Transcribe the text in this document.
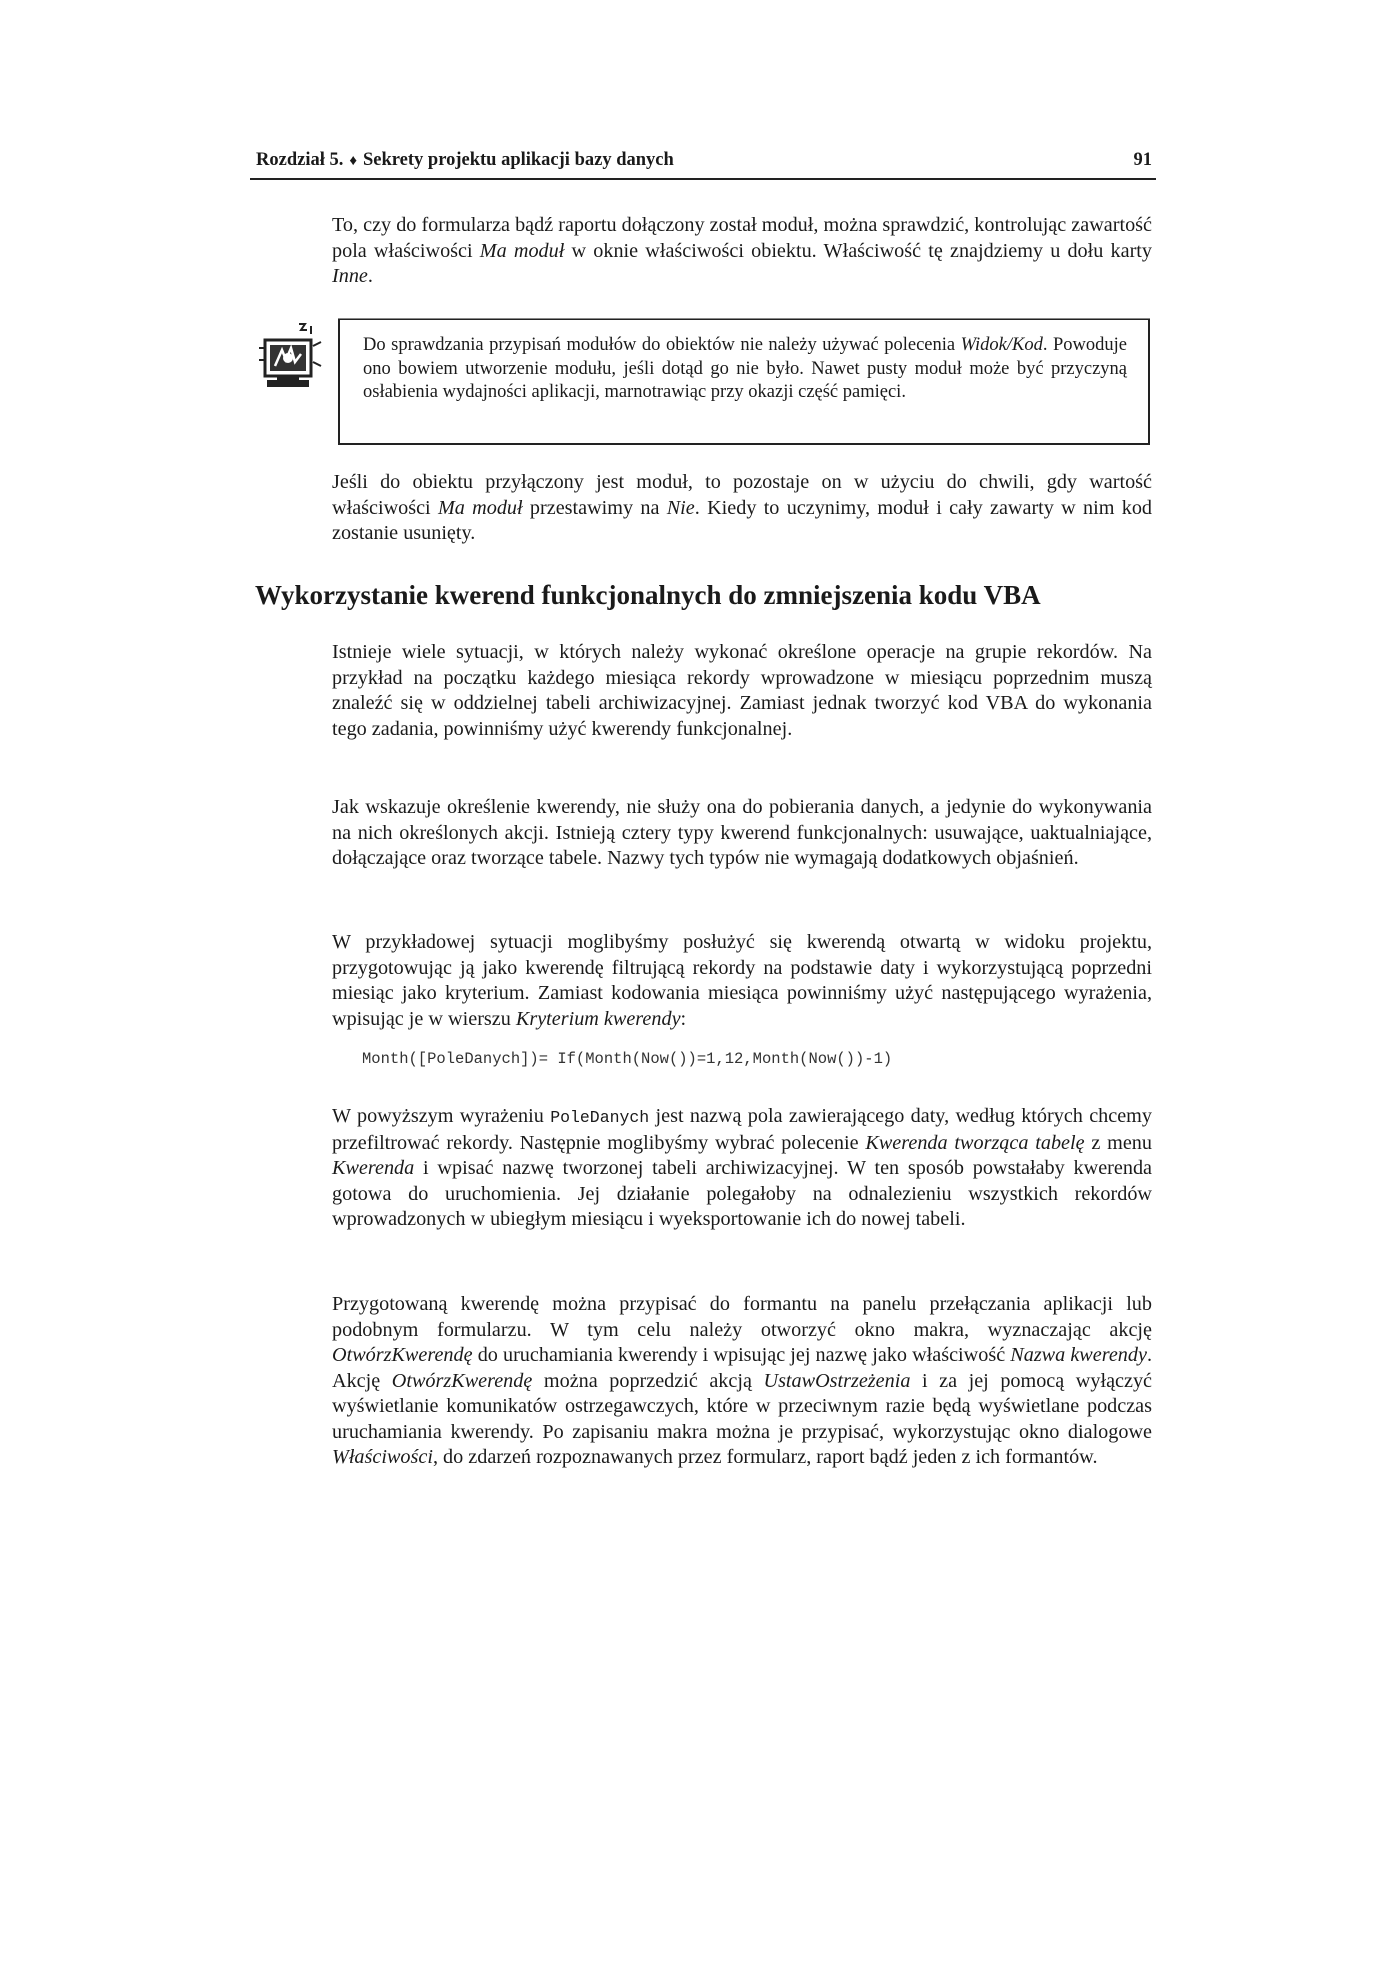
Rozdział 5. ♦ Sekrety projektu aplikacji bazy danych	91

To, czy do formularza bądź raportu dołączony został moduł, można sprawdzić, kontrolując zawartość pola właściwości Ma moduł w oknie właściwości obiektu. Właściwość tę znajdziemy u dołu karty Inne.

Do sprawdzania przypisań modułów do obiektów nie należy używać polecenia Widok/Kod. Powoduje ono bowiem utworzenie modułu, jeśli dotąd go nie było. Nawet pusty moduł może być przyczyną osłabienia wydajności aplikacji, marnotrawiąc przy okazji część pamięci.

Jeśli do obiektu przyłączony jest moduł, to pozostaje on w użyciu do chwili, gdy wartość właściwości Ma moduł przestawimy na Nie. Kiedy to uczynimy, moduł i cały zawarty w nim kod zostanie usunięty.

Wykorzystanie kwerend funkcjonalnych do zmniejszenia kodu VBA

Istnieje wiele sytuacji, w których należy wykonać określone operacje na grupie rekordów. Na przykład na początku każdego miesiąca rekordy wprowadzone w miesiącu poprzednim muszą znaleźć się w oddzielnej tabeli archiwizacyjnej. Zamiast jednak tworzyć kod VBA do wykonania tego zadania, powinniśmy użyć kwerendy funkcjonalnej.

Jak wskazuje określenie kwerendy, nie służy ona do pobierania danych, a jedynie do wykonywania na nich określonych akcji. Istnieją cztery typy kwerend funkcjonalnych: usuwające, uaktualniające, dołączające oraz tworzące tabele. Nazwy tych typów nie wymagają dodatkowych objaśnień.

W przykładowej sytuacji moglibyśmy posłużyć się kwerendą otwartą w widoku projektu, przygotowując ją jako kwerendę filtrującą rekordy na podstawie daty i wykorzystującą poprzedni miesiąc jako kryterium. Zamiast kodowania miesiąca powinniśmy użyć następującego wyrażenia, wpisując je w wierszu Kryterium kwerendy:

Month([PoleDanych])= If(Month(Now())=1,12,Month(Now())-1)

W powyższym wyrażeniu PoleDanych jest nazwą pola zawierającego daty, według których chcemy przefiltrować rekordy. Następnie moglibyśmy wybrać polecenie Kwerenda tworząca tabelę z menu Kwerenda i wpisać nazwę tworzonej tabeli archiwizacyjnej. W ten sposób powstałaby kwerenda gotowa do uruchomienia. Jej działanie polegałoby na odnalezieniu wszystkich rekordów wprowadzonych w ubiegłym miesiącu i wyeksportowanie ich do nowej tabeli.

Przygotowaną kwerendę można przypisać do formantu na panelu przełączania aplikacji lub podobnym formularzu. W tym celu należy otworzyć okno makra, wyznaczając akcję OtwórzKwerendę do uruchamiania kwerendy i wpisując jej nazwę jako właściwość Nazwa kwerendy. Akcję OtwórzKwerendę można poprzedzić akcją UstawOstrzeżenia i za jej pomocą wyłączyć wyświetlanie komunikatów ostrzegawczych, które w przeciwnym razie będą wyświetlane podczas uruchamiania kwerendy. Po zapisaniu makra można je przypisać, wykorzystując okno dialogowe Właściwości, do zdarzeń rozpoznawanych przez formularz, raport bądź jeden z ich formantów.
